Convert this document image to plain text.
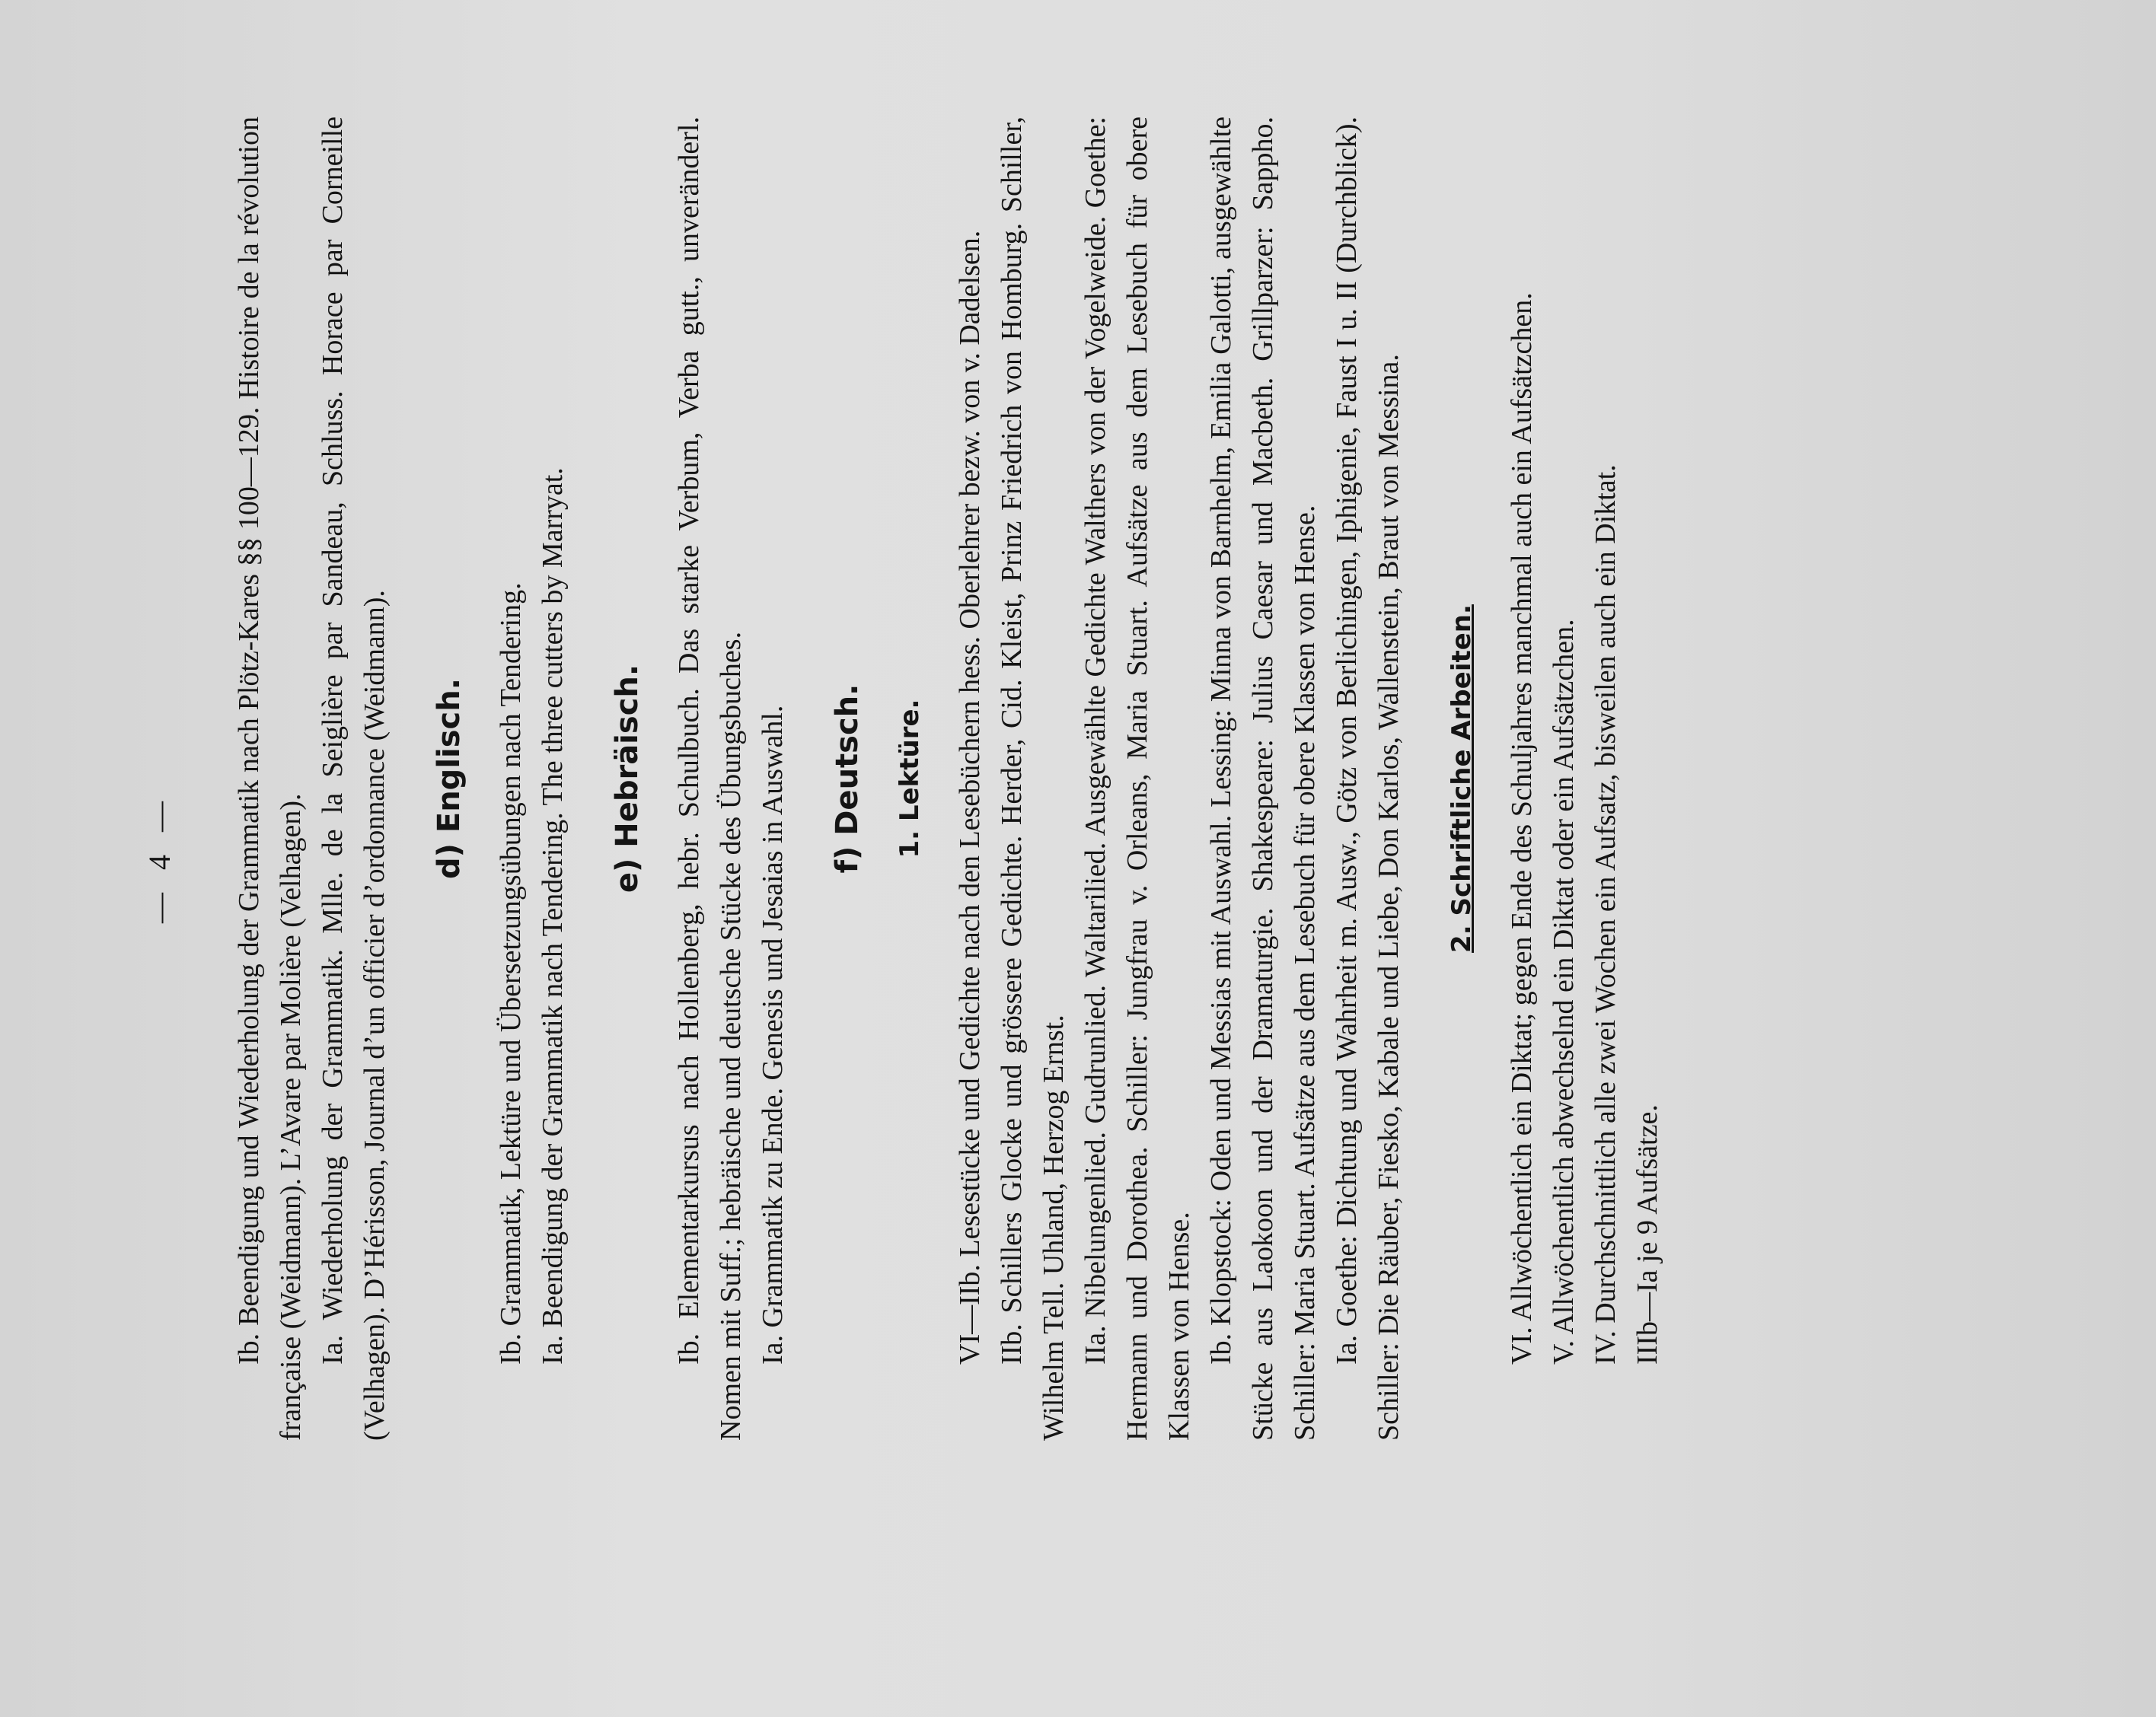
— 4 — Ib. Beendigung und Wiederholung der Grammatik nach Plötz-Kares §§ 100—129. Histoire de la révolution française (Weidmann). L’Avare par Molière (Velhagen). Ia. Wiederholung der Grammatik. Mlle. de la Seiglière par Sandeau, Schluss. Horace par Corneille (Velhagen). D’Hérisson, Journal d’un officier d’ordonnance (Weidmann). d) Englisch. Ib. Grammatik, Lektüre und Übersetzungsübungen nach Tendering. Ia. Beendigung der Grammatik nach Tendering. The three cutters by Marryat. e) Hebräisch. Ib. Elementarkursus nach Hollenberg, hebr. Schulbuch. Das starke Verbum, Verba gutt., unveränderl. Nomen mit Suff.; hebräische und deutsche Stücke des Übungsbuches. Ia. Grammatik zu Ende. Genesis und Jesaias in Auswahl. f) Deutsch. 1. Lektüre. VI—IIb. Lesestücke und Gedichte nach den Lesebüchern hess. Oberlehrer bezw. von v. Dadelsen. IIb. Schillers Glocke und grössere Gedichte. Herder, Cid. Kleist, Prinz Friedrich von Homburg. Schiller, Wilhelm Tell. Uhland, Herzog Ernst. IIa. Nibelungenlied. Gudrunlied. Waltarilied. Ausgewählte Gedichte Walthers von der Vogelweide. Goethe: Hermann und Dorothea. Schiller: Jungfrau v. Orleans, Maria Stuart. Aufsätze aus dem Lesebuch für obere Klassen von Hense. Ib. Klopstock: Oden und Messias mit Auswahl. Lessing: Minna von Barnhelm, Emilia Galotti, ausgewählte Stücke aus Laokoon und der Dramaturgie. Shakespeare: Julius Caesar und Macbeth. Grillparzer: Sappho. Schiller: Maria Stuart. Aufsätze aus dem Lesebuch für obere Klassen von Hense. Ia. Goethe: Dichtung und Wahrheit m. Ausw., Götz von Berlichingen, Iphigenie, Faust I u. II (Durchblick). Schiller: Die Räuber, Fiesko, Kabale und Liebe, Don Karlos, Wallenstein, Braut von Messina. 2. Schriftliche Arbeiten. VI. Allwöchentlich ein Diktat; gegen Ende des Schuljahres manchmal auch ein Aufsätzchen. V. Allwöchentlich abwechselnd ein Diktat oder ein Aufsätzchen. IV. Durchschnittlich alle zwei Wochen ein Aufsatz, bisweilen auch ein Diktat. IIIb—Ia je 9 Aufsätze.
